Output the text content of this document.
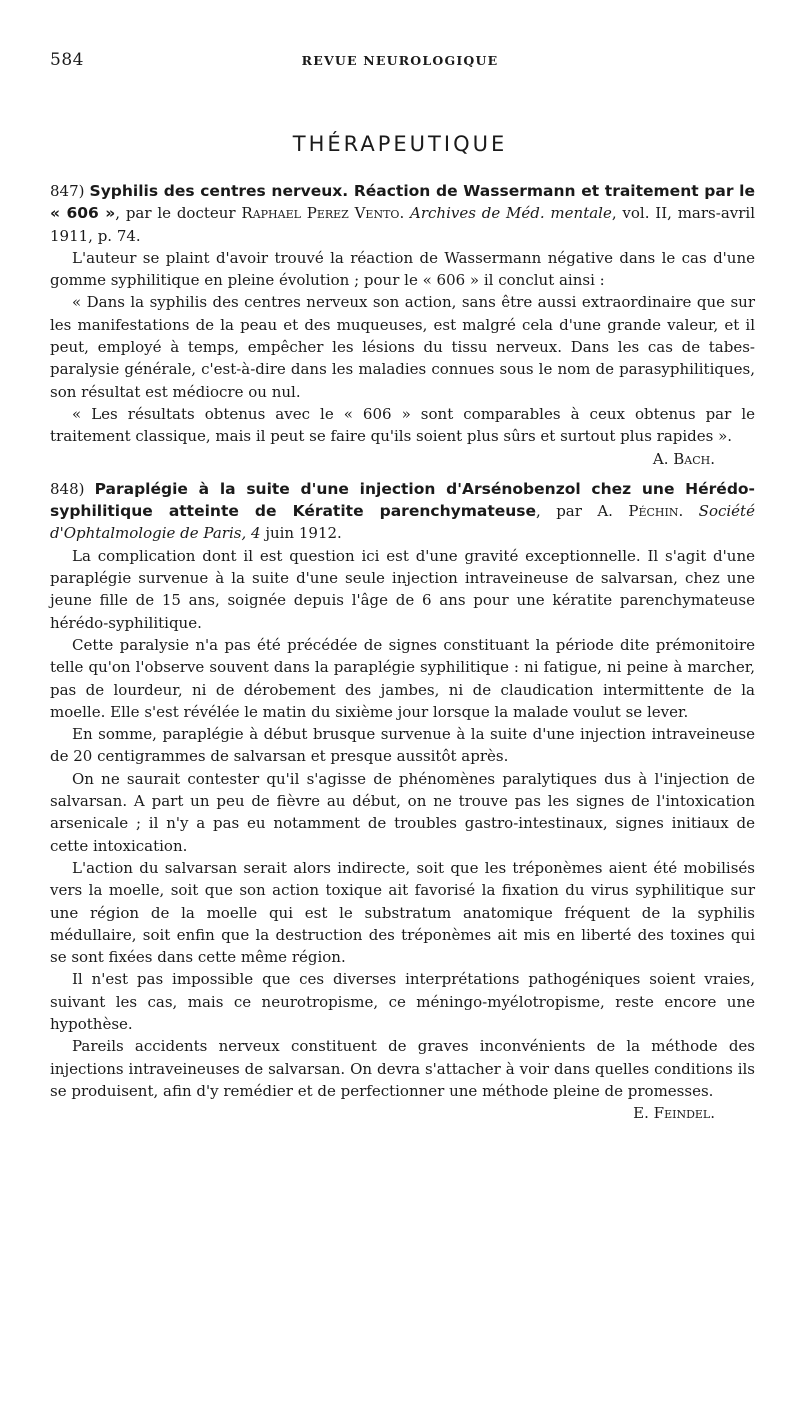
584	REVUE NEUROLOGIQUE
THÉRAPEUTIQUE

847) Syphilis des centres nerveux. Réaction de Wassermann et traitement par le « 606 », par le docteur Raphael Perez Vento. Archives de Méd. mentale, vol. II, mars-avril 1911, p. 74.

L'auteur se plaint d'avoir trouvé la réaction de Wassermann négative dans le cas d'une gomme syphilitique en pleine évolution ; pour le « 606 » il conclut ainsi :

« Dans la syphilis des centres nerveux son action, sans être aussi extraordinaire que sur les manifestations de la peau et des muqueuses, est malgré cela d'une grande valeur, et il peut, employé à temps, empêcher les lésions du tissu nerveux. Dans les cas de tabes-paralysie générale, c'est-à-dire dans les maladies connues sous le nom de parasyphilitiques, son résultat est médiocre ou nul.

« Les résultats obtenus avec le « 606 » sont comparables à ceux obtenus par le traitement classique, mais il peut se faire qu'ils soient plus sûrs et surtout plus rapides ».
A. Bach.

848) Paraplégie à la suite d'une injection d'Arsénobenzol chez une Hérédo-syphilitique atteinte de Kératite parenchymateuse, par A. Péchin. Société d'Ophtalmologie de Paris, 4 juin 1912.

La complication dont il est question ici est d'une gravité exceptionnelle. Il s'agit d'une paraplégie survenue à la suite d'une seule injection intraveineuse de salvarsan, chez une jeune fille de 15 ans, soignée depuis l'âge de 6 ans pour une kératite parenchymateuse hérédo-syphilitique.

Cette paralysie n'a pas été précédée de signes constituant la période dite prémonitoire telle qu'on l'observe souvent dans la paraplégie syphilitique : ni fatigue, ni peine à marcher, pas de lourdeur, ni de dérobement des jambes, ni de claudication intermittente de la moelle. Elle s'est révélée le matin du sixième jour lorsque la malade voulut se lever.

En somme, paraplégie à début brusque survenue à la suite d'une injection intraveineuse de 20 centigrammes de salvarsan et presque aussitôt après.

On ne saurait contester qu'il s'agisse de phénomènes paralytiques dus à l'injection de salvarsan. A part un peu de fièvre au début, on ne trouve pas les signes de l'intoxication arsenicale ; il n'y a pas eu notamment de troubles gastro-intestinaux, signes initiaux de cette intoxication.

L'action du salvarsan serait alors indirecte, soit que les tréponèmes aient été mobilisés vers la moelle, soit que son action toxique ait favorisé la fixation du virus syphilitique sur une région de la moelle qui est le substratum anatomique fréquent de la syphilis médullaire, soit enfin que la destruction des tréponèmes ait mis en liberté des toxines qui se sont fixées dans cette même région.

Il n'est pas impossible que ces diverses interprétations pathogéniques soient vraies, suivant les cas, mais ce neurotropisme, ce méningo-myélotropisme, reste encore une hypothèse.

Pareils accidents nerveux constituent de graves inconvénients de la méthode des injections intraveineuses de salvarsan. On devra s'attacher à voir dans quelles conditions ils se produisent, afin d'y remédier et de perfectionner une méthode pleine de promesses.
E. Feindel.
